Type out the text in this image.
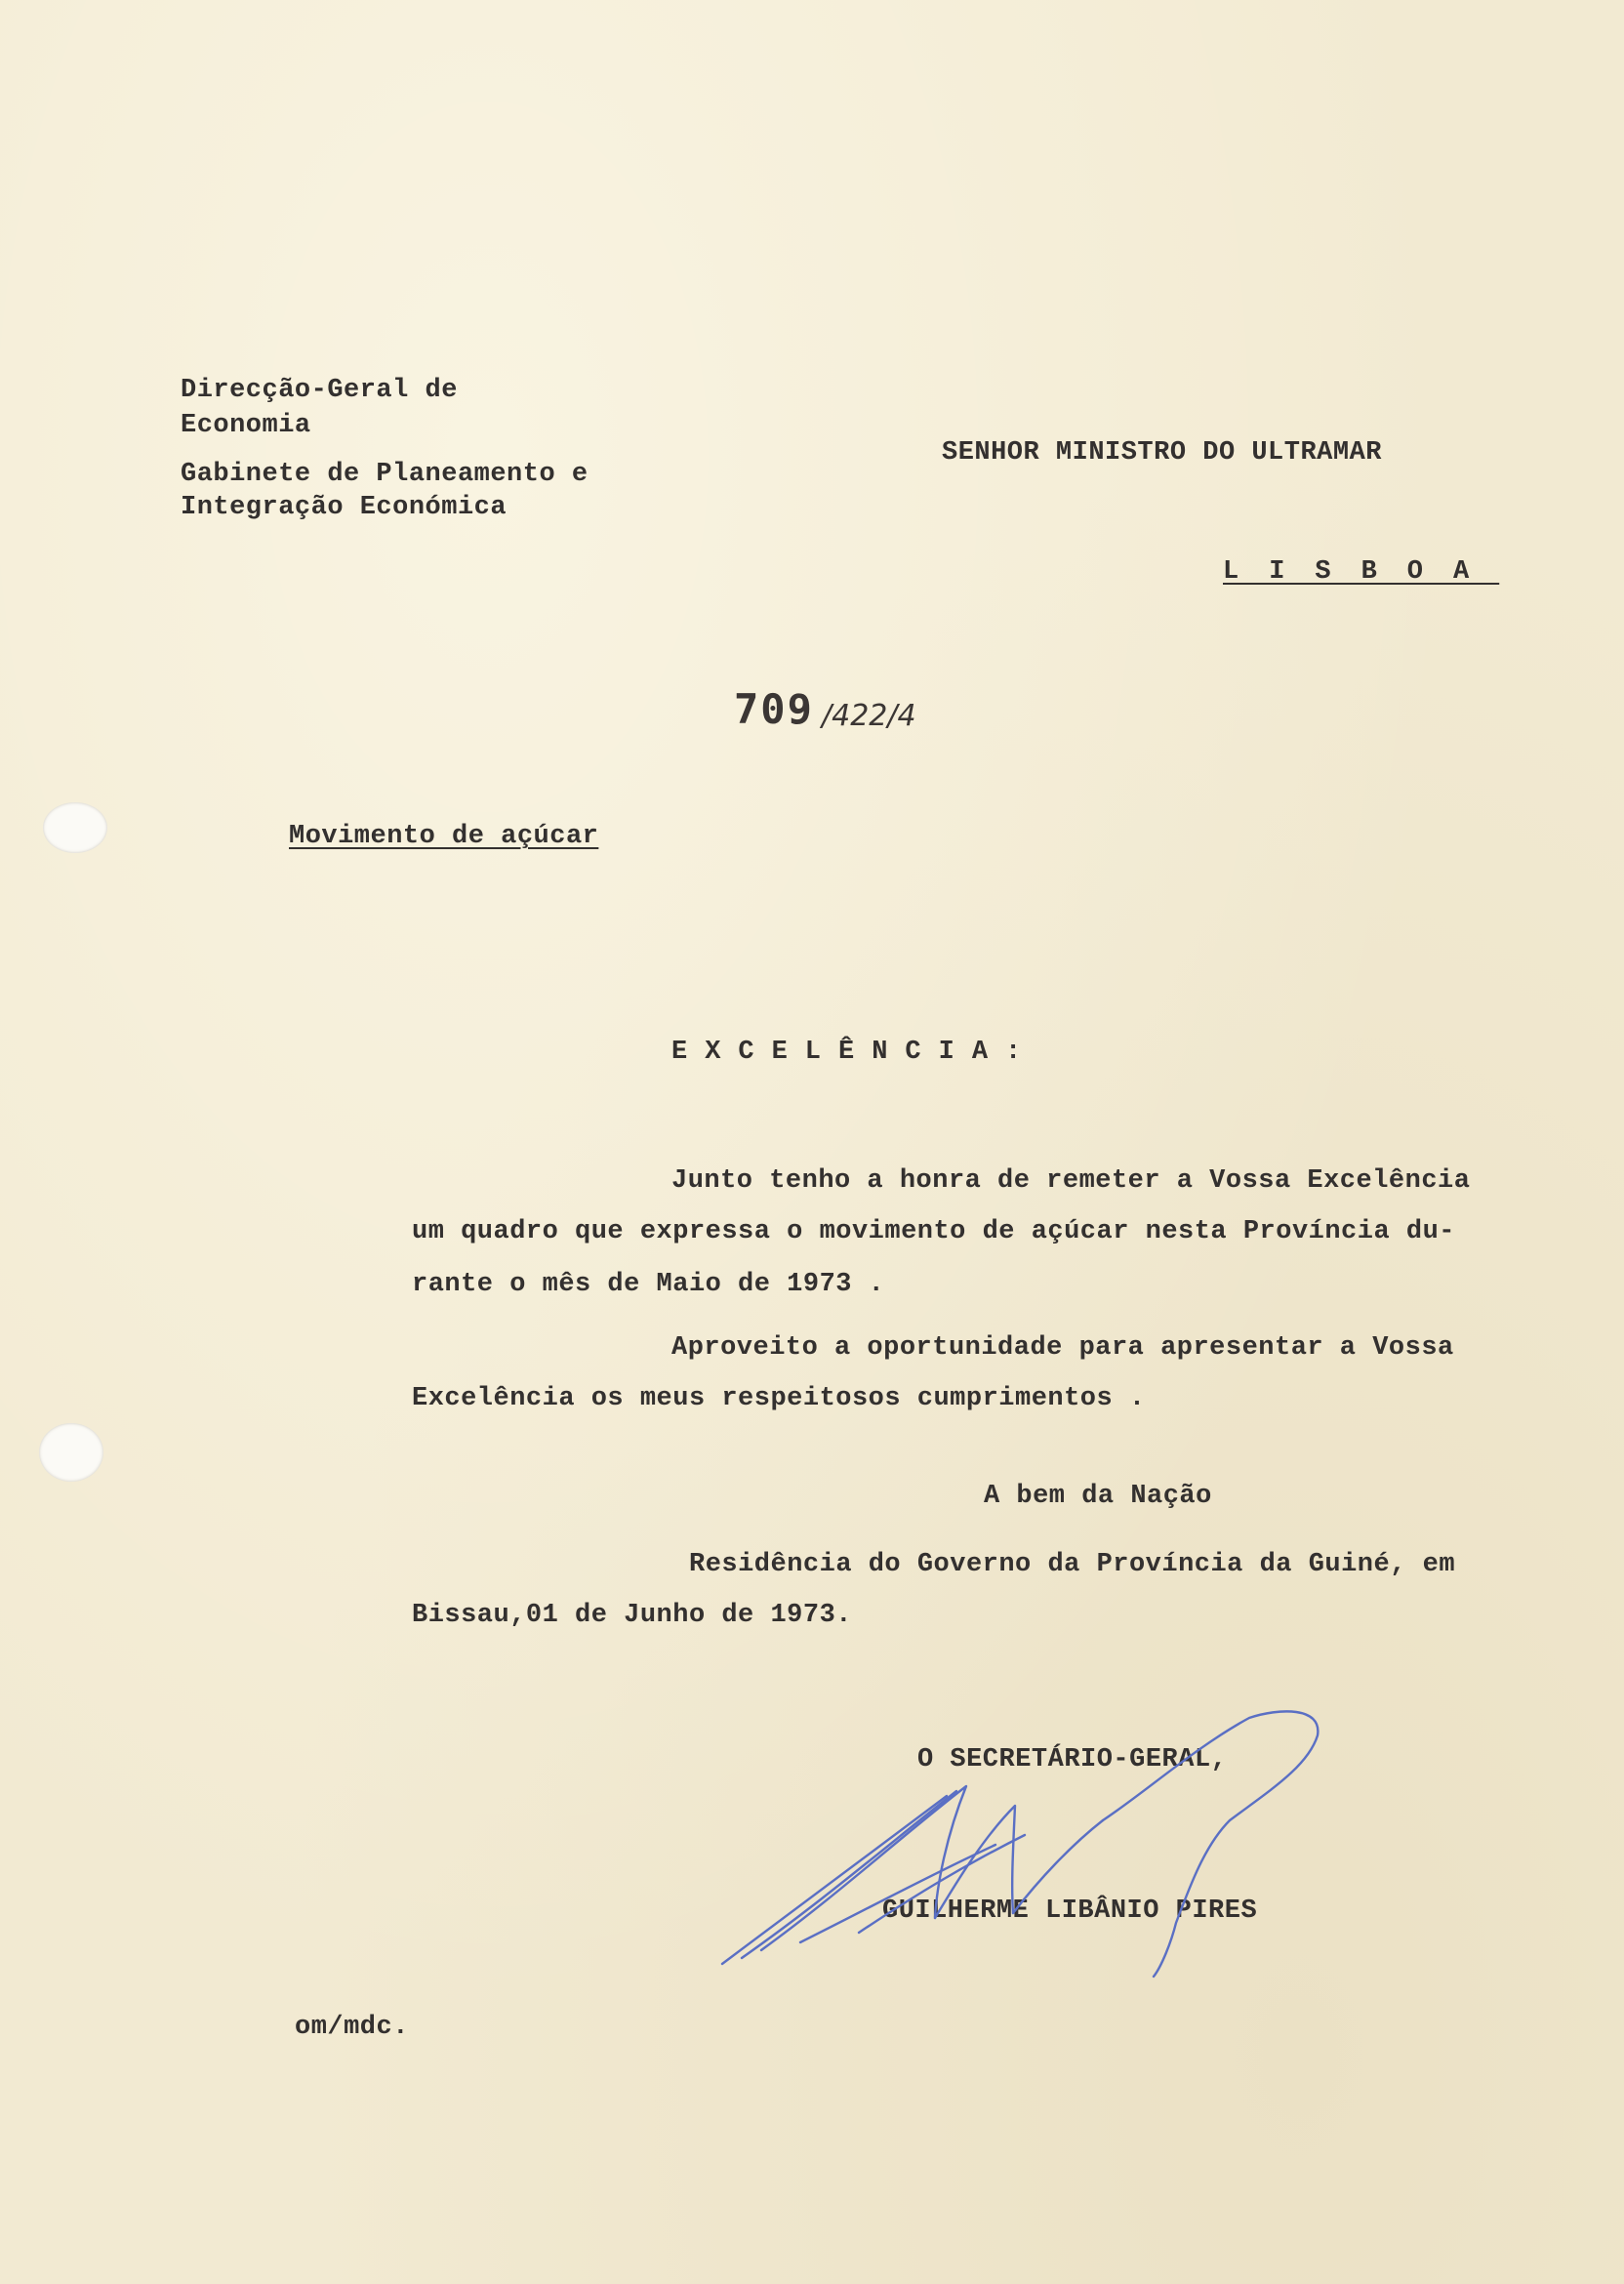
Direcção-Geral de
Economia
Gabinete de Planeamento e
Integração Económica
SENHOR MINISTRO DO ULTRAMAR
LISBOA
709 /422/4
Movimento de açúcar
EXCELÊNCIA:
Junto tenho a honra de remeter a Vossa Excelência
um quadro que expressa o movimento de açúcar nesta Província du-
rante o mês de Maio de 1973 .
Aproveito a oportunidade para apresentar a Vossa
Excelência os meus respeitosos cumprimentos .
A bem da Nação
Residência do Governo da Província da Guiné, em
Bissau,01 de Junho de 1973.
O SECRETÁRIO-GERAL,
GUILHERME LIBÂNIO PIRES
om/mdc.
